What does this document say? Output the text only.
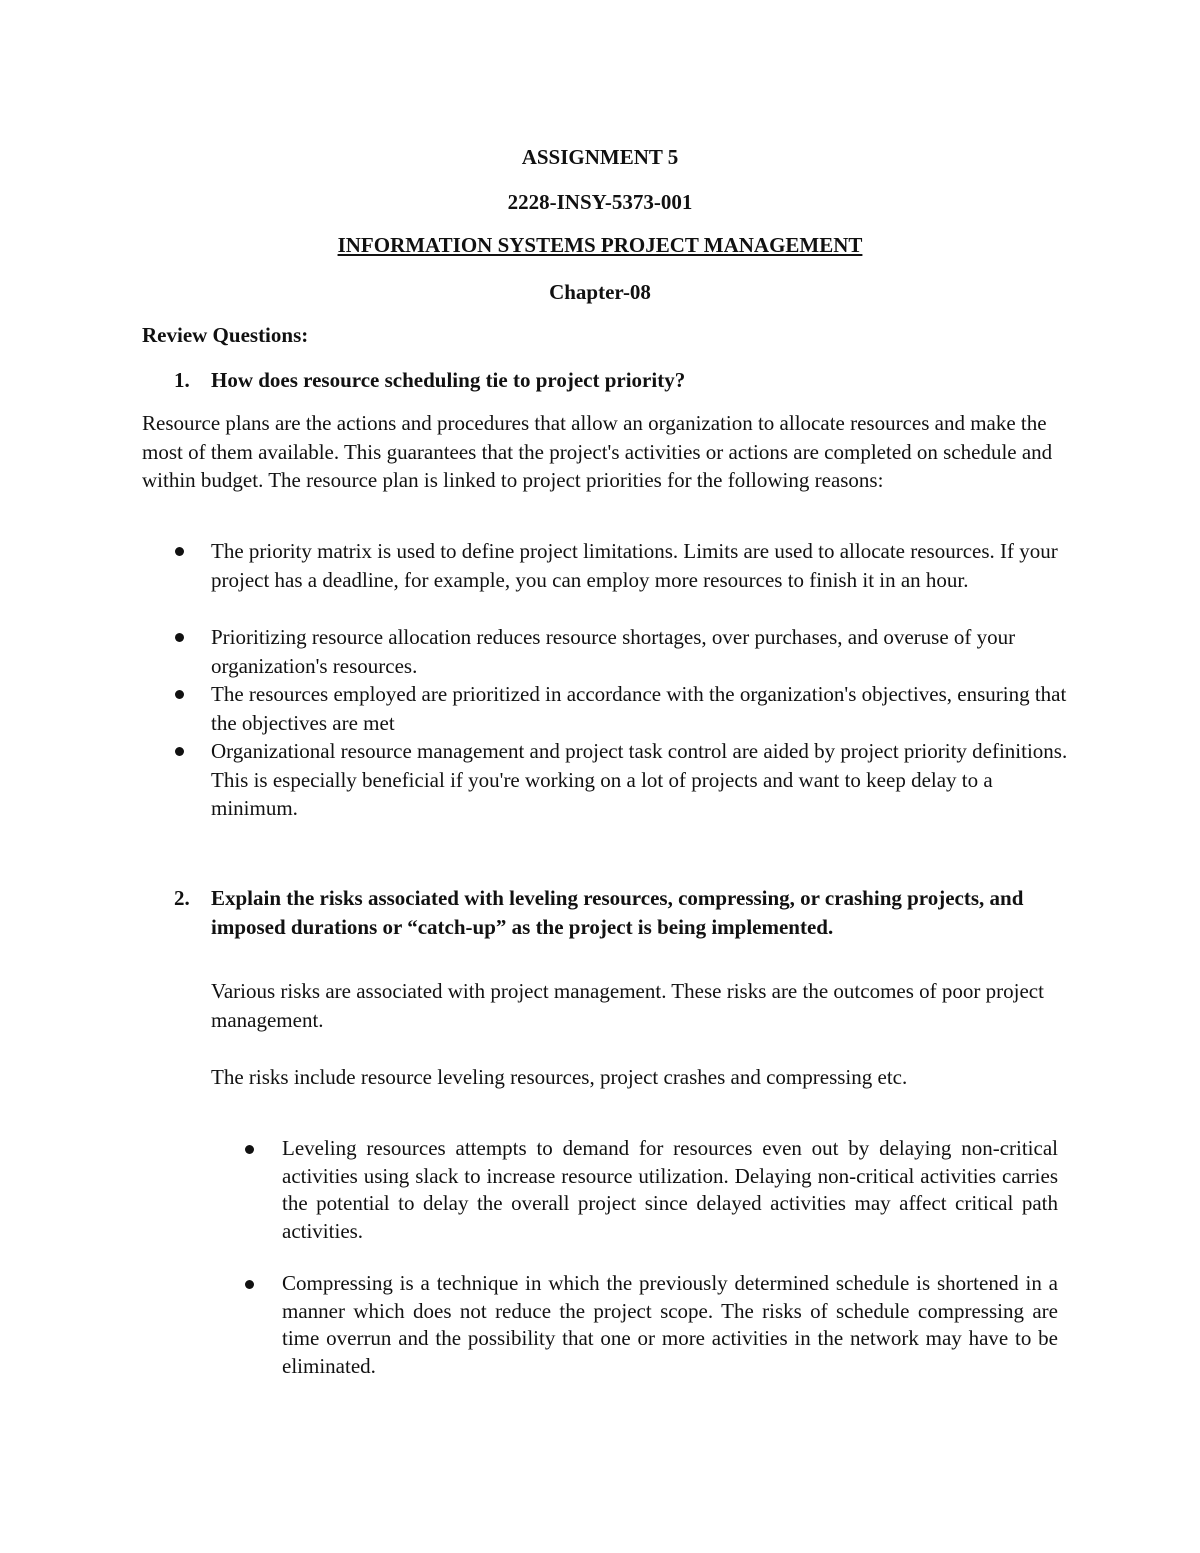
ASSIGNMENT 5
2228-INSY-5373-001
INFORMATION SYSTEMS PROJECT MANAGEMENT
Chapter-08
Review Questions:
1. How does resource scheduling tie to project priority?

Resource plans are the actions and procedures that allow an organization to allocate resources and make the most of them available. This guarantees that the project's activities or actions are completed on schedule and within budget. The resource plan is linked to project priorities for the following reasons:

The priority matrix is used to define project limitations. Limits are used to allocate resources. If your project has a deadline, for example, you can employ more resources to finish it in an hour.

Prioritizing resource allocation reduces resource shortages, over purchases, and overuse of your organization's resources.

The resources employed are prioritized in accordance with the organization's objectives, ensuring that the objectives are met

Organizational resource management and project task control are aided by project priority definitions. This is especially beneficial if you're working on a lot of projects and want to keep delay to a minimum.

2. Explain the risks associated with leveling resources, compressing, or crashing projects, and imposed durations or “catch-up” as the project is being implemented.

Various risks are associated with project management. These risks are the outcomes of poor project management.

The risks include resource leveling resources, project crashes and compressing etc.

Leveling resources attempts to demand for resources even out by delaying non-critical activities using slack to increase resource utilization. Delaying non-critical activities carries the potential to delay the overall project since delayed activities may affect critical path activities.

Compressing is a technique in which the previously determined schedule is shortened in a manner which does not reduce the project scope. The risks of schedule compressing are time overrun and the possibility that one or more activities in the network may have to be eliminated.
